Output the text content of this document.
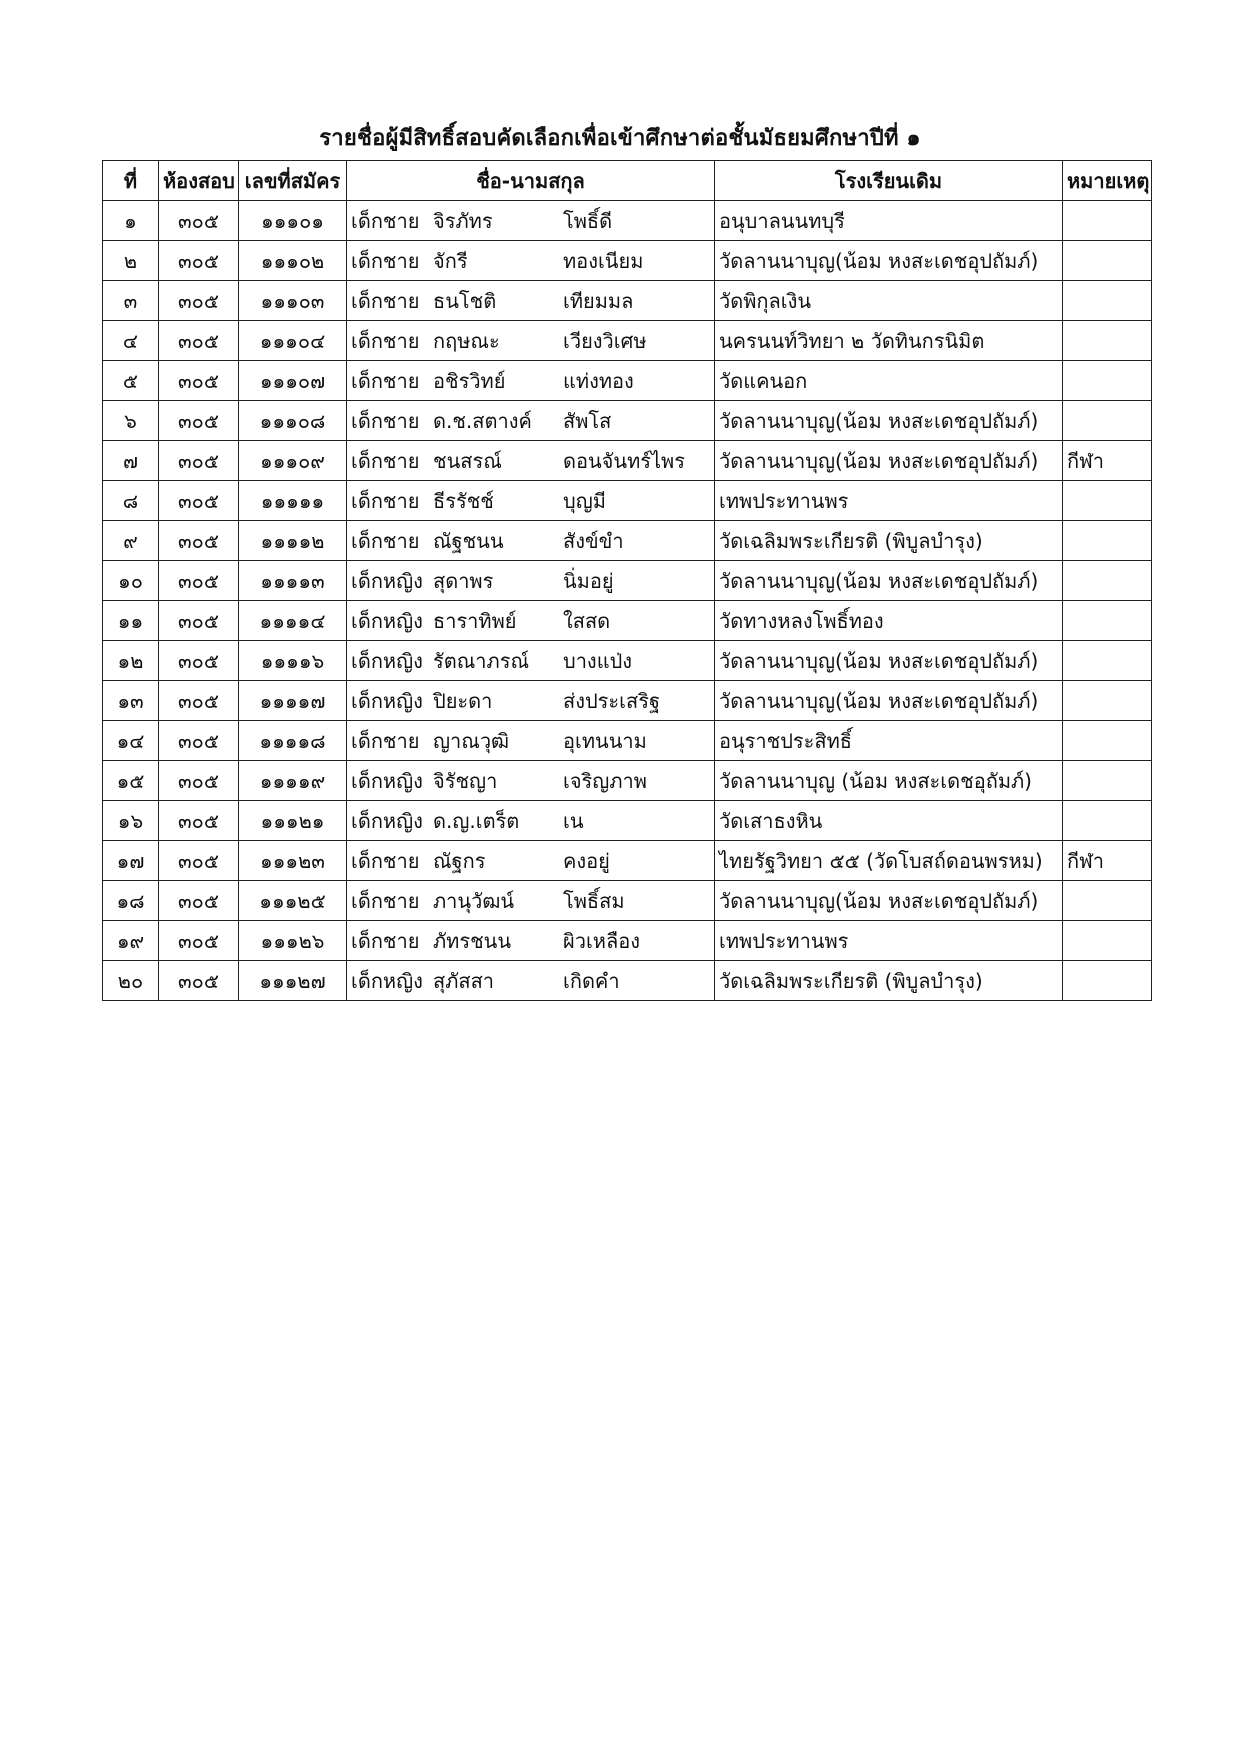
รายชื่อผู้มีสิทธิ์สอบคัดเลือกเพื่อเข้าศึกษาต่อชั้นมัธยมศึกษาปีที่ ๑
ที่	ห้องสอบ	เลขที่สมัคร	ชื่อ-นามสกุล	โรงเรียนเดิม	หมายเหตุ
๑	๓๐๕	๑๑๑๐๑	เด็กชาย จิรภัทร โพธิ์ดี	อนุบาลนนทบุรี	
๒	๓๐๕	๑๑๑๐๒	เด็กชาย จักรี ทองเนียม	วัดลานนาบุญ(น้อม หงสะเดชอุปถัมภ์)	
๓	๓๐๕	๑๑๑๐๓	เด็กชาย ธนโชติ เทียมมล	วัดพิกุลเงิน	
๔	๓๐๕	๑๑๑๐๔	เด็กชาย กฤษณะ เวียงวิเศษ	นครนนท์วิทยา ๒ วัดทินกรนิมิต	
๕	๓๐๕	๑๑๑๐๗	เด็กชาย อชิรวิทย์ แท่งทอง	วัดแคนอก	
๖	๓๐๕	๑๑๑๐๘	เด็กชาย ด.ช.สตางค์ สัพโส	วัดลานนาบุญ(น้อม หงสะเดชอุปถัมภ์)	
๗	๓๐๕	๑๑๑๐๙	เด็กชาย ชนสรณ์ ดอนจันทร์ไพร	วัดลานนาบุญ(น้อม หงสะเดชอุปถัมภ์)	กีฬา
๘	๓๐๕	๑๑๑๑๑	เด็กชาย ธีรรัชช์ บุญมี	เทพประทานพร	
๙	๓๐๕	๑๑๑๑๒	เด็กชาย ณัฐชนน สังข์ขำ	วัดเฉลิมพระเกียรติ (พิบูลบำรุง)	
๑๐	๓๐๕	๑๑๑๑๓	เด็กหญิง สุดาพร นิ่มอยู่	วัดลานนาบุญ(น้อม หงสะเดชอุปถัมภ์)	
๑๑	๓๐๕	๑๑๑๑๔	เด็กหญิง ธาราทิพย์ ใสสด	วัดทางหลงโพธิ์ทอง	
๑๒	๓๐๕	๑๑๑๑๖	เด็กหญิง รัตณาภรณ์ บางแป่ง	วัดลานนาบุญ(น้อม หงสะเดชอุปถัมภ์)	
๑๓	๓๐๕	๑๑๑๑๗	เด็กหญิง ปิยะดา ส่งประเสริฐ	วัดลานนาบุญ(น้อม หงสะเดชอุปถัมภ์)	
๑๔	๓๐๕	๑๑๑๑๘	เด็กชาย ญาณวุฒิ อุเทนนาม	อนุราชประสิทธิ์	
๑๕	๓๐๕	๑๑๑๑๙	เด็กหญิง จิรัชญา เจริญภาพ	วัดลานนาบุญ (น้อม หงสะเดชอุถัมภ์)	
๑๖	๓๐๕	๑๑๑๒๑	เด็กหญิง ด.ญ.เตร็ต เน	วัดเสาธงหิน	
๑๗	๓๐๕	๑๑๑๒๓	เด็กชาย ณัฐกร คงอยู่	ไทยรัฐวิทยา ๕๕ (วัดโบสถ์ดอนพรหม)	กีฬา
๑๘	๓๐๕	๑๑๑๒๕	เด็กชาย ภานุวัฒน์ โพธิ์สม	วัดลานนาบุญ(น้อม หงสะเดชอุปถัมภ์)	
๑๙	๓๐๕	๑๑๑๒๖	เด็กชาย ภัทรชนน ผิวเหลือง	เทพประทานพร	
๒๐	๓๐๕	๑๑๑๒๗	เด็กหญิง สุภัสสา เกิดคำ	วัดเฉลิมพระเกียรติ (พิบูลบำรุง)	
